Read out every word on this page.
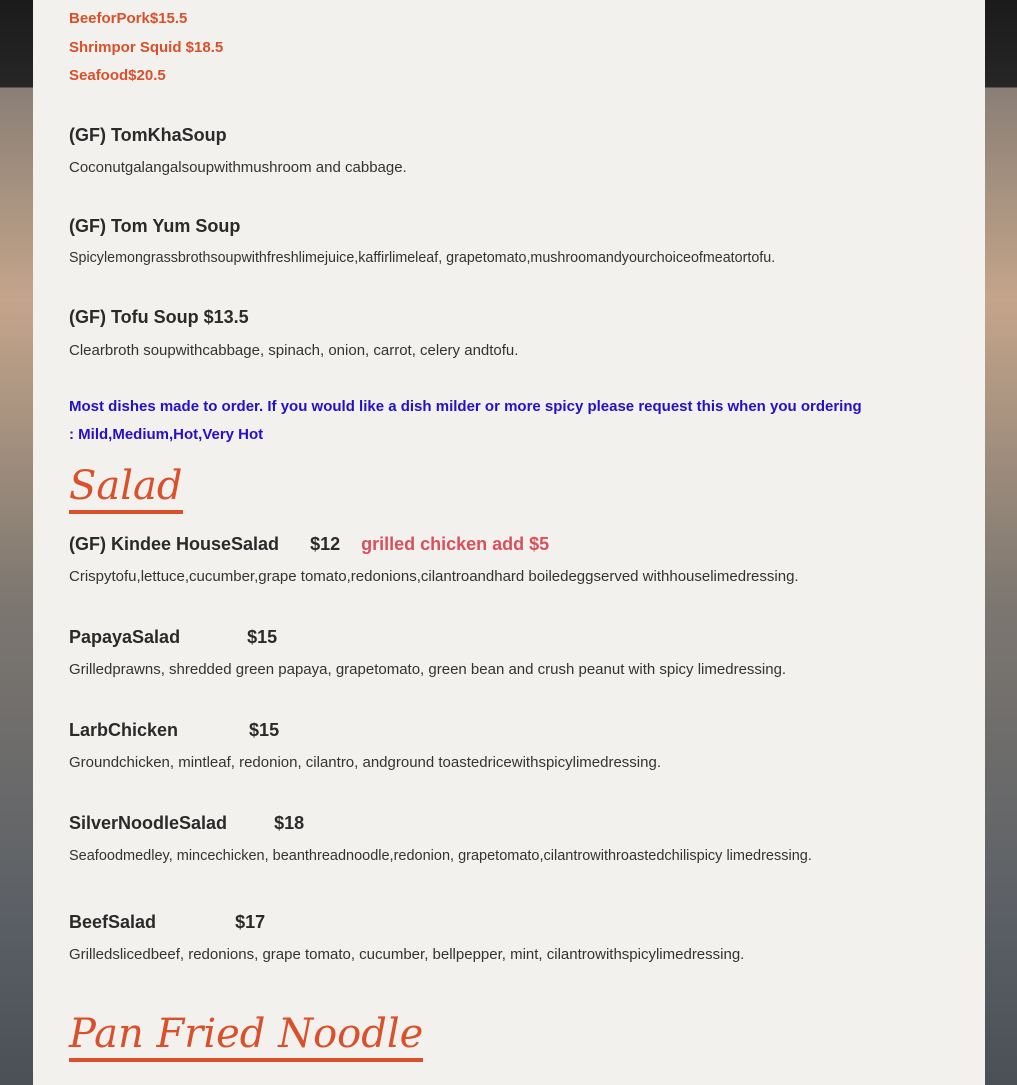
BeeforPork$15.5
Shrimpor Squid $18.5
Seafood$20.5
(GF) TomKhaSoup
Coconutgalangalsoupwithmushroom and cabbage.
(GF) Tom Yum Soup
Spicylemongrassbrothsoupwithfreshlimejuice,kaffirlimeleaf, grapetomato,mushroomandyourchoiceofmeatortofu.
(GF) Tofu Soup $13.5
Clearbroth soupwithcabbage, spinach, onion, carrot, celery andtofu.
Most dishes made to order. If you would like a dish milder or more spicy please request this when you ordering : Mild,Medium,Hot,Very Hot
Salad
(GF) Kindee HouseSalad $12 grilled chicken add $5
Crispytofu,lettuce,cucumber,grape tomato,redonions,cilantroandhard boiledeggserved withhouselimedressing.
PapayaSalad	$15
Grilledprawns, shredded green papaya, grapetomato, green bean and crush peanut with spicy limedressing.
LarbChicken	$15
Groundchicken, mintleaf, redonion, cilantro, andground toastedricewithspicylimedressing.
SilverNoodleSalad	$18
Seafoodmedley, mincechicken, beanthreadnoodle,redonion, grapetomato,cilantrowithroastedchilispicy limedressing.
BeefSalad	$17
Grilledslicedbeef, redonions, grape tomato, cucumber, bellpepper, mint, cilantrowithspicylimedressing.
Pan Fried Noodle
